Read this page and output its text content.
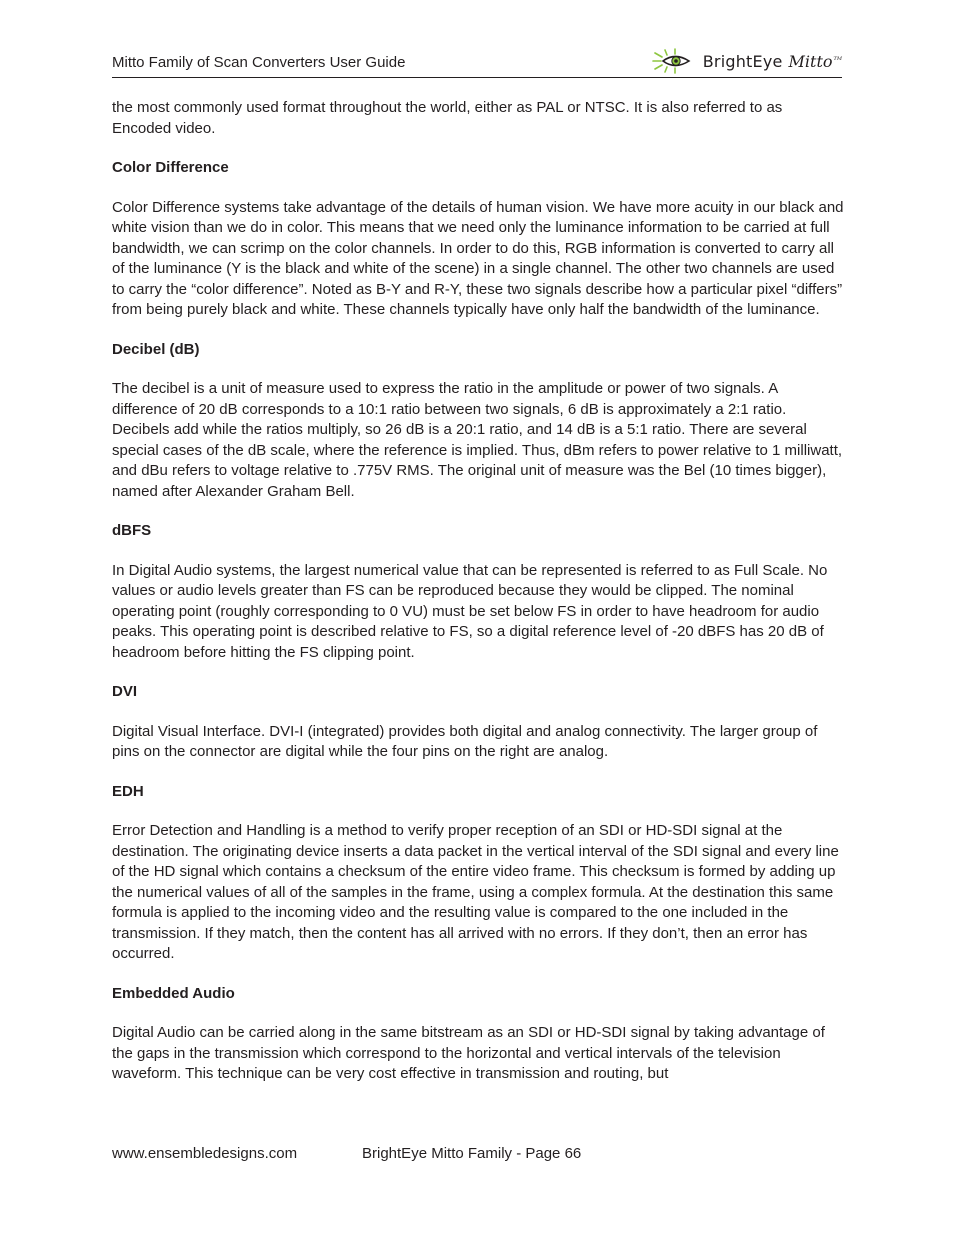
Mitto Family of Scan Converters User Guide	BrightEye Mitto™

the most commonly used format throughout the world, either as PAL or NTSC. It is also referred to as Encoded video.

Color Difference

Color Difference systems take advantage of the details of human vision. We have more acuity in our black and white vision than we do in color. This means that we need only the luminance information to be carried at full bandwidth, we can scrimp on the color channels. In order to do this, RGB information is converted to carry all of the luminance (Y is the black and white of the scene) in a single channel. The other two channels are used to carry the “color difference”. Noted as B-Y and R-Y, these two signals describe how a particular pixel “differs” from being purely black and white. These channels typically have only half the bandwidth of the luminance.

Decibel (dB)

The decibel is a unit of measure used to express the ratio in the amplitude or power of two signals. A difference of 20 dB corresponds to a 10:1 ratio between two signals, 6 dB is approximately a 2:1 ratio. Decibels add while the ratios multiply, so 26 dB is a 20:1 ratio, and 14 dB is a 5:1 ratio. There are several special cases of the dB scale, where the reference is implied. Thus, dBm refers to power relative to 1 milliwatt, and dBu refers to voltage relative to .775V RMS. The original unit of measure was the Bel (10 times bigger), named after Alexander Graham Bell.

dBFS

In Digital Audio systems, the largest numerical value that can be represented is referred to as Full Scale. No values or audio levels greater than FS can be reproduced because they would be clipped. The nominal operating point (roughly corresponding to 0 VU) must be set below FS in order to have headroom for audio peaks. This operating point is described relative to FS, so a digital reference level of -20 dBFS has 20 dB of headroom before hitting the FS clipping point.

DVI

Digital Visual Interface. DVI-I (integrated) provides both digital and analog connectivity. The larger group of pins on the connector are digital while the four pins on the right are analog.

EDH

Error Detection and Handling is a method to verify proper reception of an SDI or HD-SDI signal at the destination. The originating device inserts a data packet in the vertical interval of the SDI signal and every line of the HD signal which contains a checksum of the entire video frame. This checksum is formed by adding up the numerical values of all of the samples in the frame, using a complex formula. At the destination this same formula is applied to the incoming video and the resulting value is compared to the one included in the transmission. If they match, then the content has all arrived with no errors. If they don’t, then an error has occurred.

Embedded Audio

Digital Audio can be carried along in the same bitstream as an SDI or HD-SDI signal by taking advantage of the gaps in the transmission which correspond to the horizontal and vertical intervals of the television waveform. This technique can be very cost effective in transmission and routing, but

www.ensembledesigns.com	BrightEye Mitto Family - Page 66
